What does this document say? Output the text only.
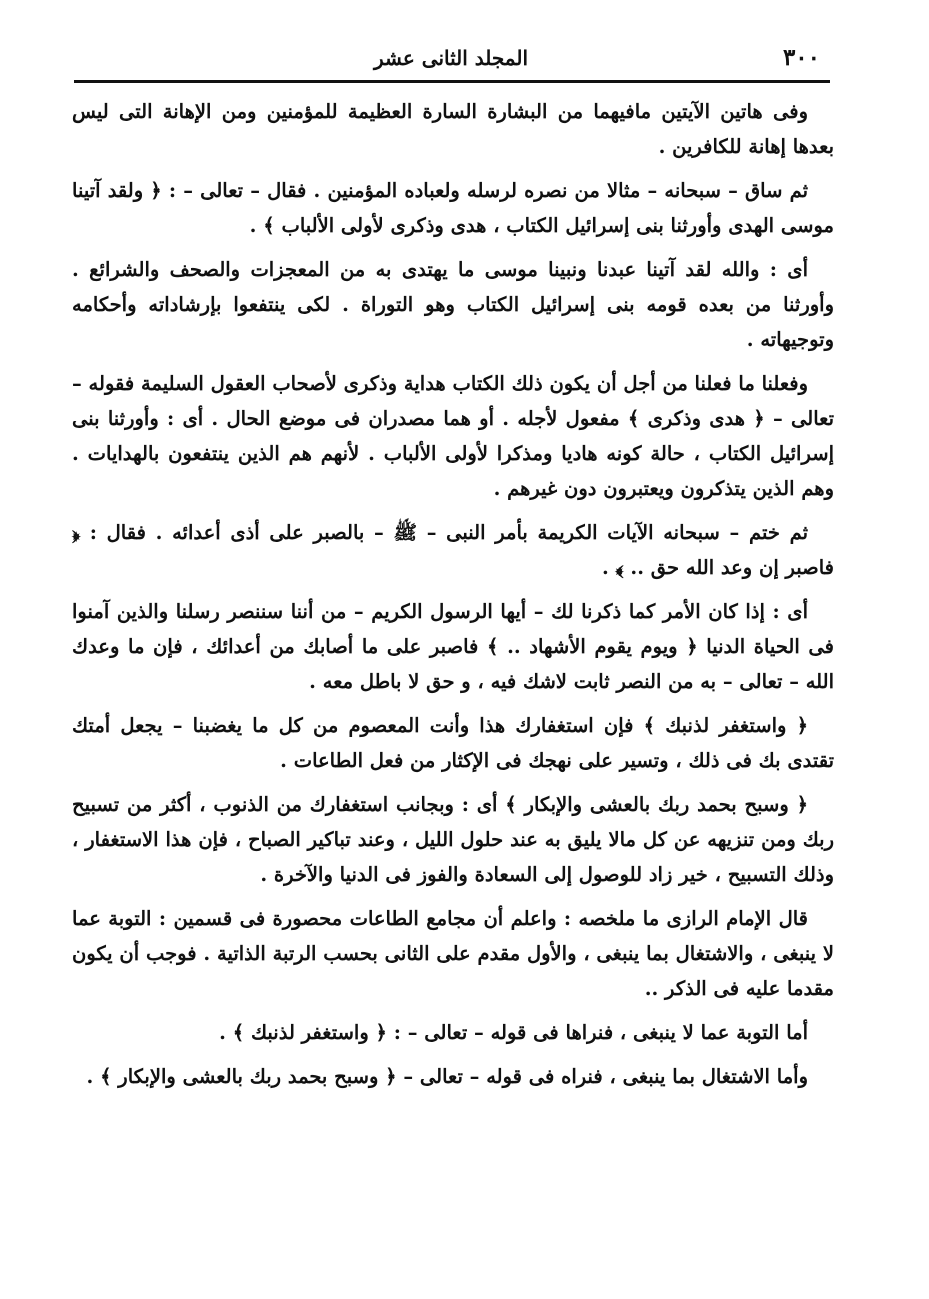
٣٠٠
المجلد الثانى عشر

وفى هاتين الآيتين مافيهما من البشارة السارة العظيمة للمؤمنين ومن الإهانة التى ليس بعدها إهانة للكافرين .

ثم ساق – سبحانه – مثالا من نصره لرسله ولعباده المؤمنين . فقال – تعالى – : ﴿ ولقد آتينا موسى الهدى وأورثنا بنى إسرائيل الكتاب ، هدى وذكرى لأولى الألباب ﴾ .

أى : والله لقد آتينا عبدنا ونبينا موسى ما يهتدى به من المعجزات والصحف والشرائع . وأورثنا من بعده قومه بنى إسرائيل الكتاب وهو التوراة . لكى ينتفعوا بإرشاداته وأحكامه وتوجيهاته .

وفعلنا ما فعلنا من أجل أن يكون ذلك الكتاب هداية وذكرى لأصحاب العقول السليمة فقوله – تعالى – ﴿ هدى وذكرى ﴾ مفعول لأجله . أو هما مصدران فى موضع الحال . أى : وأورثنا بنى إسرائيل الكتاب ، حالة كونه هاديا ومذكرا لأولى الألباب . لأنهم هم الذين ينتفعون بالهدايات . وهم الذين يتذكرون ويعتبرون دون غيرهم .

ثم ختم – سبحانه الآيات الكريمة بأمر النبى – ﷺ – بالصبر على أذى أعدائه . فقال : ﴿ فاصبر إن وعد الله حق .. ﴾ .

أى : إذا كان الأمر كما ذكرنا لك – أيها الرسول الكريم – من أننا سننصر رسلنا والذين آمنوا فى الحياة الدنيا ﴿ ويوم يقوم الأشهاد .. ﴾ فاصبر على ما أصابك من أعدائك ، فإن ما وعدك الله – تعالى – به من النصر ثابت لاشك فيه ، و حق لا باطل معه .

﴿ واستغفر لذنبك ﴾ فإن استغفارك هذا وأنت المعصوم من كل ما يغضبنا – يجعل أمتك تقتدى بك فى ذلك ، وتسير على نهجك فى الإكثار من فعل الطاعات .

﴿ وسبح بحمد ربك بالعشى والإبكار ﴾ أى : وبجانب استغفارك من الذنوب ، أكثر من تسبيح ربك ومن تنزيهه عن كل مالا يليق به عند حلول الليل ، وعند تباكير الصباح ، فإن هذا الاستغفار ، وذلك التسبيح ، خير زاد للوصول إلى السعادة والفوز فى الدنيا والآخرة .

قال الإمام الرازى ما ملخصه : واعلم أن مجامع الطاعات محصورة فى قسمين : التوبة عما لا ينبغى ، والاشتغال بما ينبغى ، والأول مقدم على الثانى بحسب الرتبة الذاتية . فوجب أن يكون مقدما عليه فى الذكر ..

أما التوبة عما لا ينبغى ، فنراها فى قوله – تعالى – : ﴿ واستغفر لذنبك ﴾ .

وأما الاشتغال بما ينبغى ، فنراه فى قوله – تعالى – ﴿ وسبح بحمد ربك بالعشى والإبكار ﴾ .
